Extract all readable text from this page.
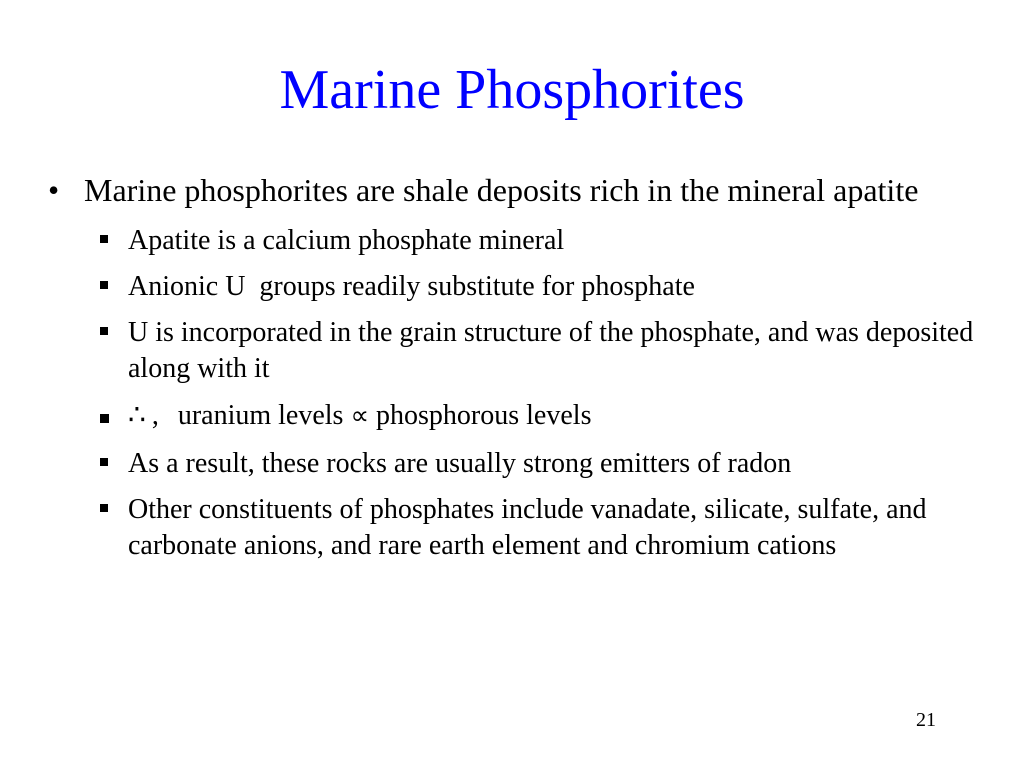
Marine Phosphorites
• Marine phosphorites are shale deposits rich in the mineral apatite
Apatite is a calcium phosphate mineral
Anionic U  groups readily substitute for phosphate
U is incorporated in the grain structure of the phosphate, and was deposited along with it
∴ , uranium levels ∝ phosphorous levels
As a result, these rocks are usually strong emitters of radon
Other constituents of phosphates include vanadate, silicate, sulfate, and carbonate anions, and rare earth element and chromium cations
21
